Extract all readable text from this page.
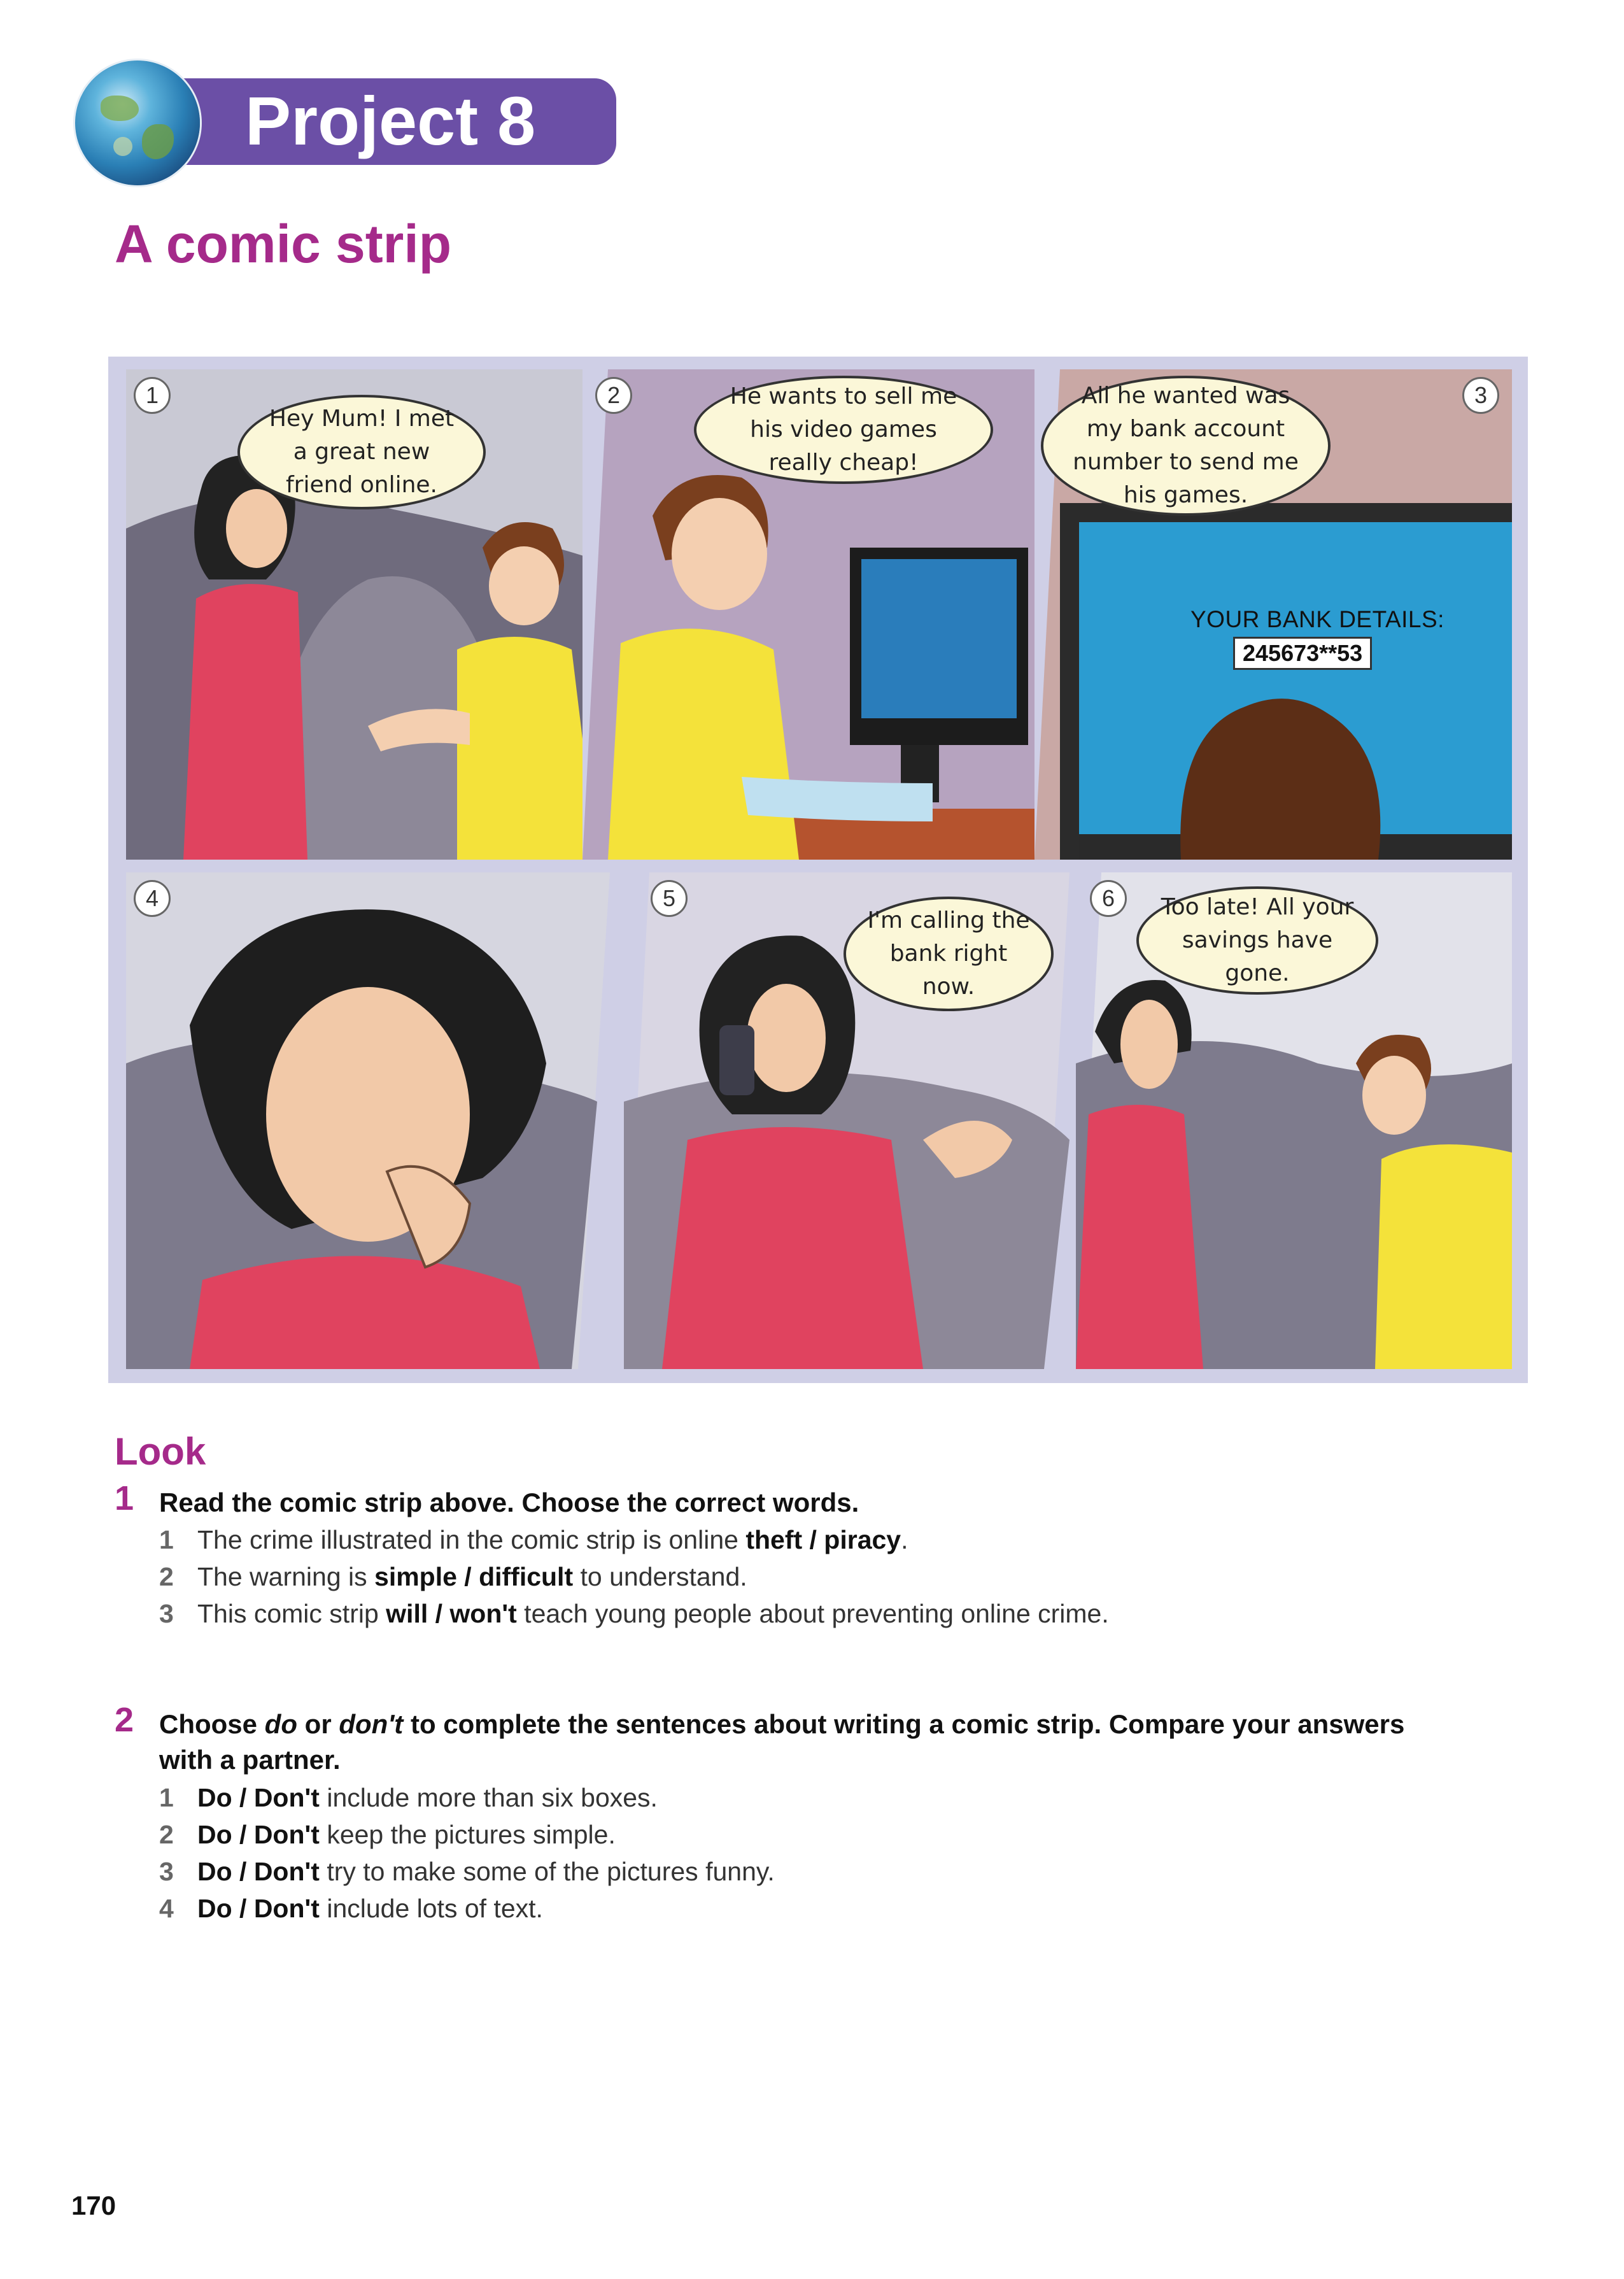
Project 8
A comic strip
1
Hey Mum! I met a great new friend online.
2	He wants to sell me his video games really cheap!
3
All he wanted was my bank account number to send me his games.
YOUR BANK DETAILS:
245673**53
4	5
I'm calling the bank right now.
6	Too late! All your savings have gone.
Look
1 Read the comic strip above. Choose the correct words.
1 The crime illustrated in the comic strip is online theft / piracy.
2 The warning is simple / difficult to understand.
3 This comic strip will / won't teach young people about preventing online crime.
2 Choose do or don't to complete the sentences about writing a comic strip. Compare your answers
with a partner.
1 Do / Don't include more than six boxes.
2 Do / Don't keep the pictures simple.
3 Do / Don't try to make some of the pictures funny.
4 Do / Don't include lots of text.
170
